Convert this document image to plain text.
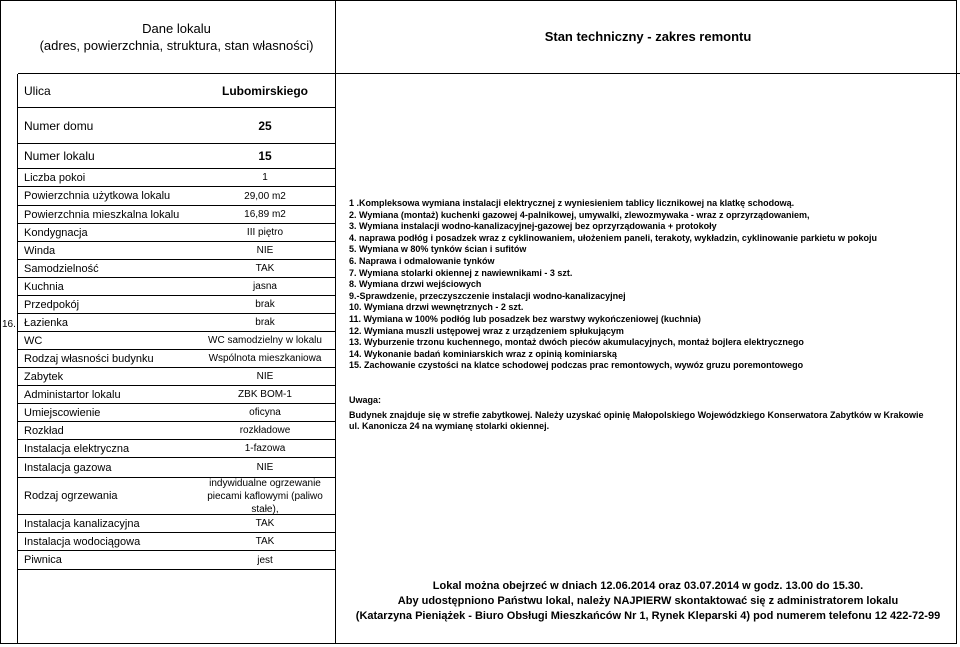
Dane lokalu
(adres, powierzchnia, struktura, stan własności)
Stan techniczny - zakres remontu
16.
Ulica	Lubomirskiego
Numer domu	25
Numer lokalu	15
Liczba pokoi	1
Powierzchnia użytkowa lokalu	29,00 m2
Powierzchnia mieszkalna lokalu	16,89 m2
Kondygnacja	III piętro
Winda	NIE
Samodzielność	TAK
Kuchnia	jasna
Przedpokój	brak
Łazienka	brak
WC	WC samodzielny w lokalu
Rodzaj własności budynku	Wspólnota mieszkaniowa
Zabytek	NIE
Administartor lokalu	ZBK BOM-1
Umiejscowienie	oficyna
Rozkład	rozkładowe
Instalacja elektryczna	1-fazowa
Instalacja gazowa	NIE
Rodzaj ogrzewania
indywidualne ogrzewanie piecami kaflowymi (paliwo stałe),
Instalacja kanalizacyjna	TAK
Instalacja wodociągowa	TAK
Piwnica	jest
1 .Kompleksowa wymiana instalacji elektrycznej z wyniesieniem tablicy licznikowej na klatkę schodową.
2. Wymiana (montaż) kuchenki gazowej 4-palnikowej, umywalki, zlewozmywaka - wraz z oprzyrządowaniem,
3. Wymiana instalacji wodno-kanalizacyjnej-gazowej bez oprzyrządowania + protokoły
4. naprawa podłóg i posadzek wraz z cyklinowaniem, ułożeniem paneli, terakoty, wykładzin, cyklinowanie parkietu w pokoju
5. Wymiana w 80% tynków ścian i sufitów
6. Naprawa i odmalowanie tynków
7. Wymiana stolarki okiennej z nawiewnikami - 3 szt.
8. Wymiana drzwi wejściowych
9.-Sprawdzenie, przeczyszczenie instalacji wodno-kanalizacyjnej
10. Wymiana drzwi wewnętrznych - 2 szt.
11. Wymiana w 100% podłóg lub posadzek bez warstwy wykończeniowej (kuchnia)
12. Wymiana muszli ustępowej wraz z urządzeniem spłukującym
13. Wyburzenie trzonu kuchennego, montaż dwóch pieców akumulacyjnych, montaż bojlera elektrycznego
14. Wykonanie badań kominiarskich wraz z opinią kominiarską
15. Zachowanie czystości na klatce schodowej podczas prac remontowych, wywóz gruzu poremontowego
Uwaga:
Budynek znajduje się w strefie zabytkowej. Należy uzyskać opinię Małopolskiego Wojewódzkiego Konserwatora Zabytków w Krakowie
ul. Kanonicza 24 na wymianę stolarki okiennej.
Lokal można obejrzeć w dniach 12.06.2014 oraz 03.07.2014 w godz. 13.00 do 15.30.
Aby udostępniono Państwu lokal, należy NAJPIERW skontaktować się z administratorem lokalu
(Katarzyna Pieniążek - Biuro Obsługi Mieszkańców Nr 1, Rynek Kleparski 4) pod numerem telefonu 12 422-72-99
